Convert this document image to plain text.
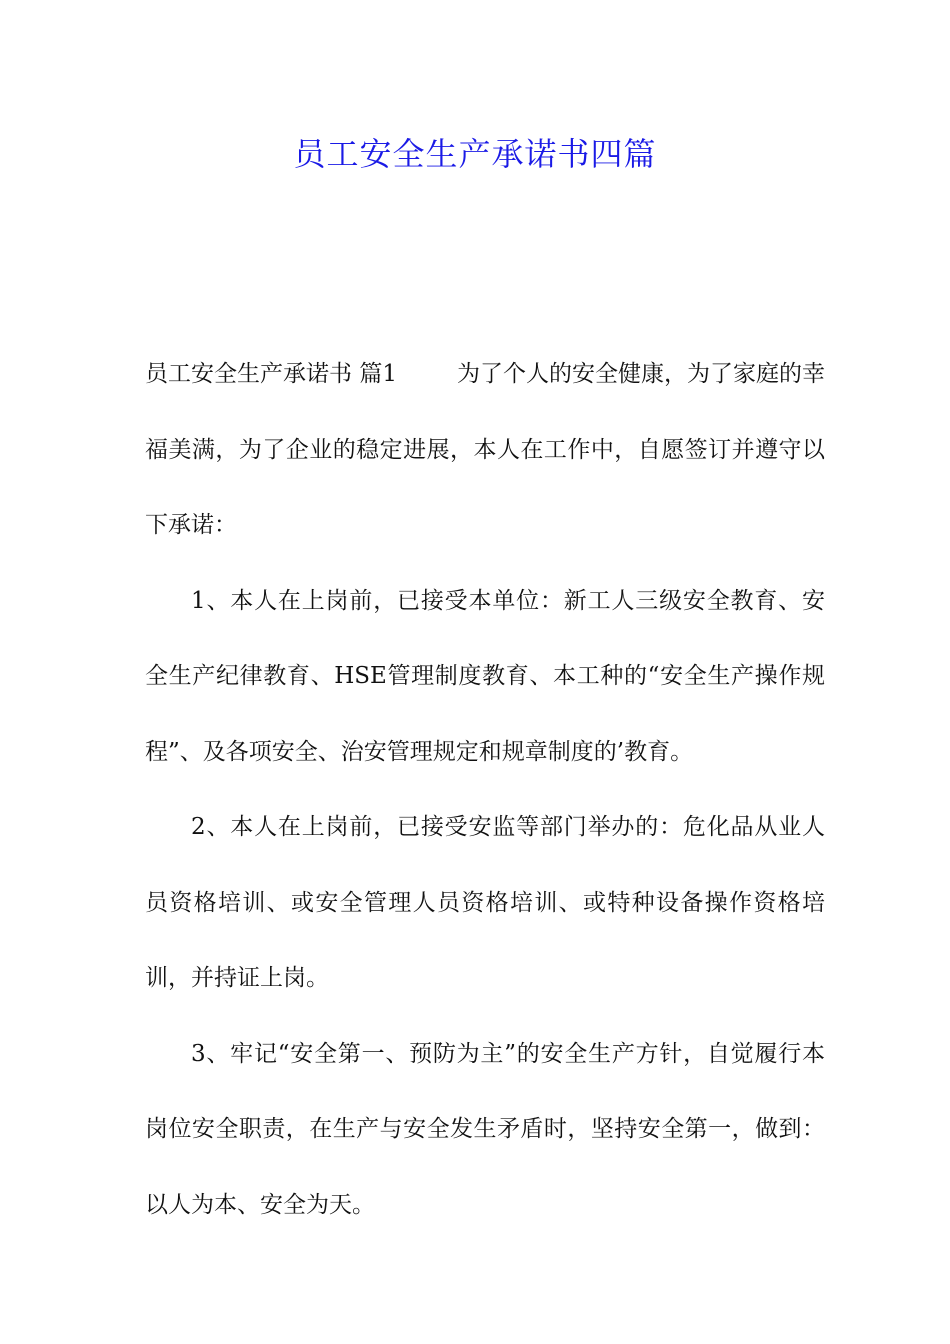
员工安全生产承诺书四篇

员工安全生产承诺书 篇1	为了个人的安全健康，为了家庭的幸福美满，为了企业的稳定进展，本人在工作中，自愿签订并遵守以下承诺：

1、本人在上岗前，已接受本单位：新工人三级安全教育、安全生产纪律教育、HSE管理制度教育、本工种的“安全生产操作规程”、及各项安全、治安管理规定和规章制度的’教育。

2、本人在上岗前，已接受安监等部门举办的：危化品从业人员资格培训、或安全管理人员资格培训、或特种设备操作资格培训，并持证上岗。

3、牢记“安全第一、预防为主”的安全生产方针，自觉履行本岗位安全职责，在生产与安全发生矛盾时，坚持安全第一，做到：以人为本、安全为天。
